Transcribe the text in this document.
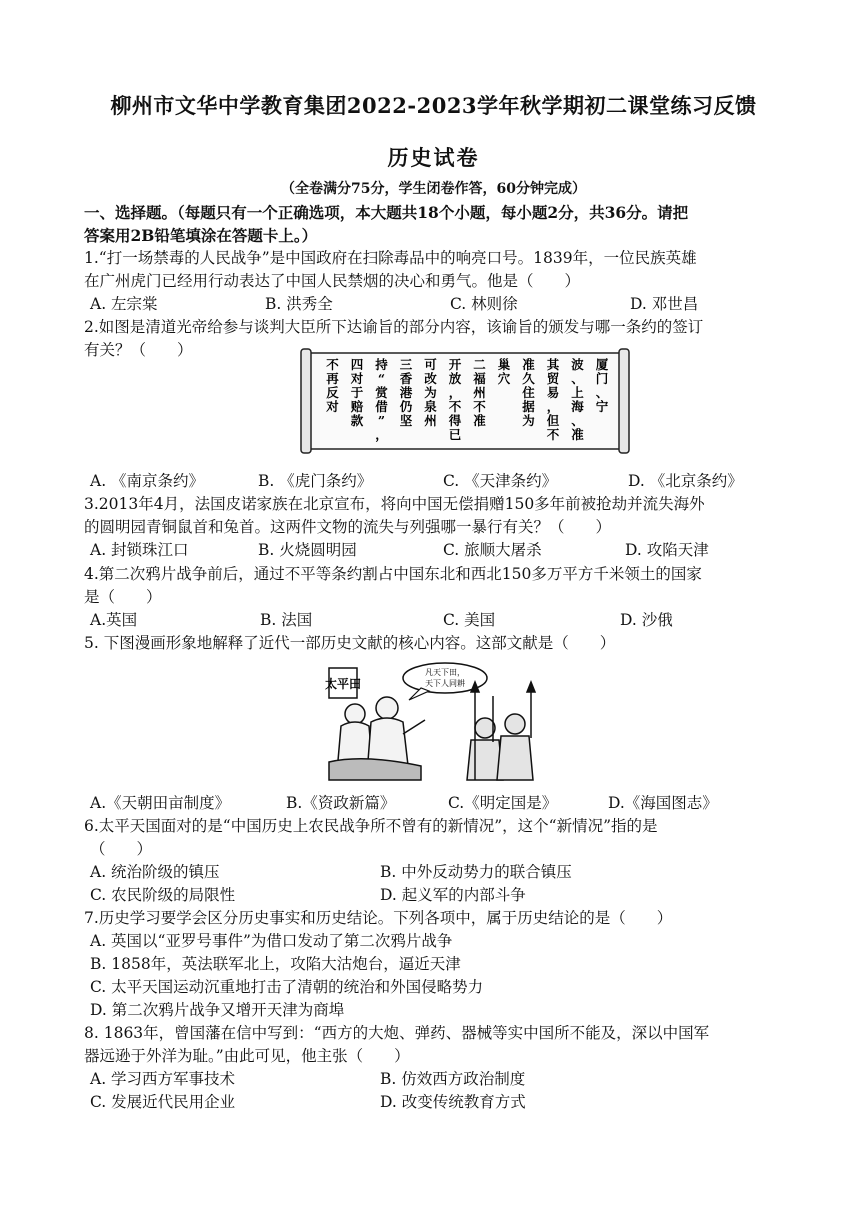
柳州市文华中学教育集团2022-2023学年秋学期初二课堂练习反馈
历史试卷
（全卷满分75分，学生闭卷作答，60分钟完成）
一、选择题。（每题只有一个正确选项，本大题共18个小题，每小题2分，共36分。请把
答案用2B铅笔填涂在答题卡上。）
1.“打一场禁毒的人民战争”是中国政府在扫除毒品中的响亮口号。1839年，一位民族英雄
在广州虎门已经用行动表达了中国人民禁烟的决心和勇气。他是（　　）
A. 左宗棠	B. 洪秀全	C. 林则徐	D. 邓世昌
2.如图是清道光帝给参与谈判大臣所下达谕旨的部分内容，该谕旨的颁发与哪一条约的签订
有关？（　　）
厦门、宁
波、上海、准
其贸易，但不
准久住据为
巢穴
二福州不准
开放，不得已
可改为泉州
三香港仍坚
持“赏借”，
四对于赔款
不再反对
A. 《南京条约》	B. 《虎门条约》	C. 《天津条约》	D. 《北京条约》
3.2013年4月，法国皮诺家族在北京宣布，将向中国无偿捐赠150多年前被抢劫并流失海外
的圆明园青铜鼠首和兔首。这两件文物的流失与列强哪一暴行有关？（　　）
A. 封锁珠江口	B. 火烧圆明园	C. 旅顺大屠杀	D. 攻陷天津
4.第二次鸦片战争前后，通过不平等条约割占中国东北和西北150多万平方千米领土的国家
是（　　）
A.英国	B. 法国	C. 美国	D. 沙俄
5. 下图漫画形象地解释了近代一部历史文献的核心内容。这部文献是（　　）
太平田
凡天下田，
天下人同耕
A.《天朝田亩制度》	B.《资政新篇》	C.《明定国是》	D.《海国图志》
6.太平天国面对的是“中国历史上农民战争所不曾有的新情况”，这个“新情况”指的是
（　　）
A. 统治阶级的镇压	B. 中外反动势力的联合镇压
C. 农民阶级的局限性	D. 起义军的内部斗争
7.历史学习要学会区分历史事实和历史结论。下列各项中，属于历史结论的是（　　）
A. 英国以“亚罗号事件”为借口发动了第二次鸦片战争
B. 1858年，英法联军北上，攻陷大沽炮台，逼近天津
C. 太平天国运动沉重地打击了清朝的统治和外国侵略势力
D. 第二次鸦片战争又增开天津为商埠
8. 1863年，曾国藩在信中写到：“西方的大炮、弹药、器械等实中国所不能及，深以中国军
器远逊于外洋为耻。”由此可见，他主张（　　）
A. 学习西方军事技术	B. 仿效西方政治制度
C. 发展近代民用企业	D. 改变传统教育方式
